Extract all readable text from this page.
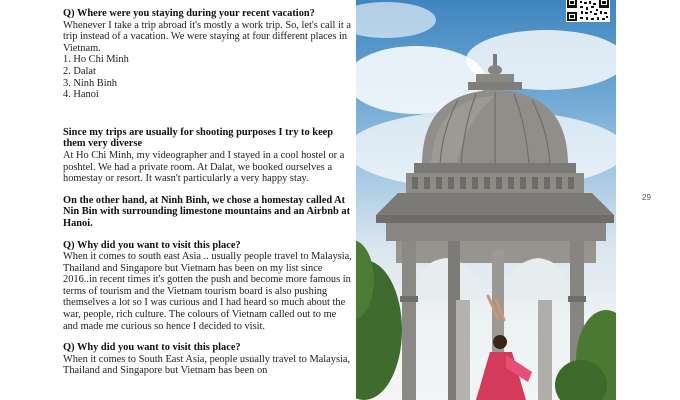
Q) Where were you staying during your recent vacation?

Whenever I take a trip abroad it's mostly a work trip. So, let's call it a trip instead of a vacation. We were staying at four different places in Vietnam.

1. Ho Chi Minh
2. Dalat
3. Ninh Binh
4. Hanoi

Since my trips are usually for shooting purposes I try to keep them very diverse

At Ho Chi Minh, my videographer and I stayed in a cool hostel or a poshtel. We had a private room. At Dalat, we booked ourselves a homestay or resort. It wasn't particularly a very happy stay.

On the other hand, at Ninh Binh, we chose a homestay called At Nin Bin with surrounding limestone mountains and an Airbnb at Hanoi.

Q) Why did you want to visit this place?

When it comes to south east Asia .. usually people travel to Malaysia, Thailand and Singapore but Vietnam has been on my list since 2016..in recent times it's gotten the push and become more famous in terms of tourism and the Vietnam tourism board is also pushing themselves a lot so I was curious and I had heard so much about the war, people, rich culture. The colours of Vietnam called out to me and made me curious so hence I decided to visit.

Q) Why did you want to visit this place?

When it comes to South East Asia, people usually travel to Malaysia, Thailand and Singapore but Vietnam has been on

29
